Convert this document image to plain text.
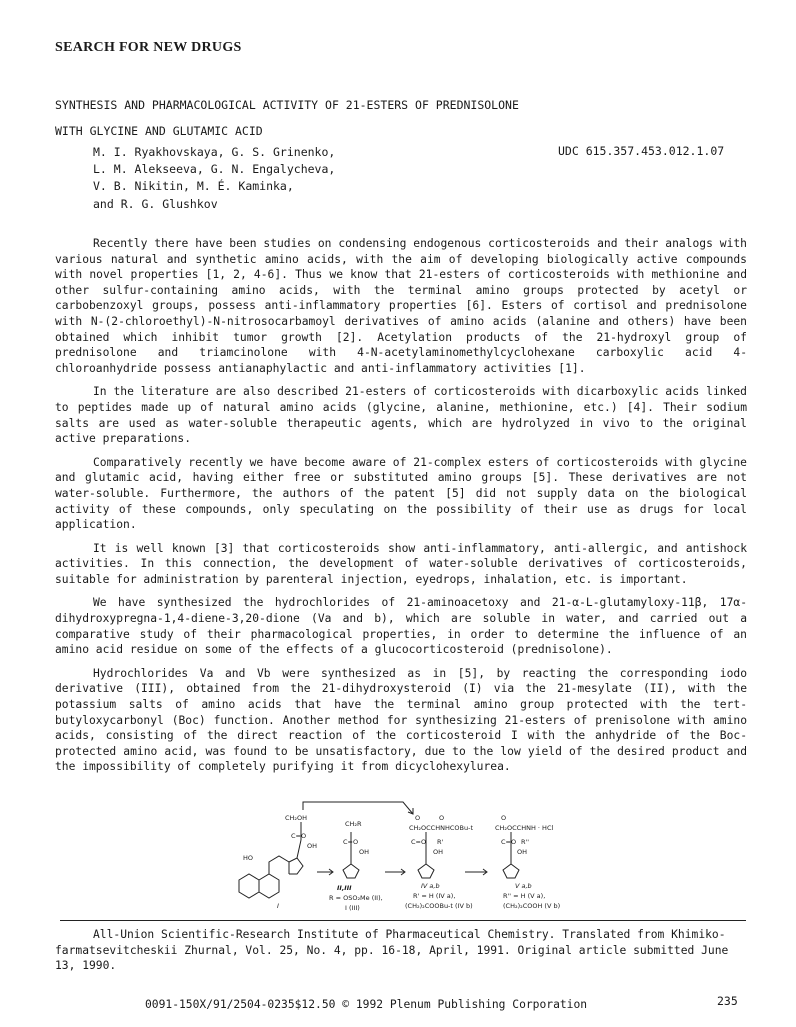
SEARCH FOR NEW DRUGS
SYNTHESIS AND PHARMACOLOGICAL ACTIVITY OF 21-ESTERS OF PREDNISOLONE
WITH GLYCINE AND GLUTAMIC ACID
M. I. Ryakhovskaya, G. S. Grinenko,
L. M. Alekseeva, G. N. Engalycheva,
V. B. Nikitin, M. É. Kaminka,
and R. G. Glushkov
UDC 615.357.453.012.1.07

Recently there have been studies on condensing endogenous corticosteroids and their analogs with various natural and synthetic amino acids, with the aim of developing biologically active compounds with novel properties [1, 2, 4-6]. Thus we know that 21-esters of corticosteroids with methionine and other sulfur-containing amino acids, with the terminal amino groups protected by acetyl or carbobenzoxyl groups, possess anti-inflammatory properties [6]. Esters of cortisol and prednisolone with N-(2-chloroethyl)-N-nitrosocarbamoyl derivatives of amino acids (alanine and others) have been obtained which inhibit tumor growth [2]. Acetylation products of the 21-hydroxyl group of prednisolone and triamcinolone with 4-N-acetylaminomethylcyclohexane carboxylic acid 4-chloroanhydride possess antianaphylactic and anti-inflammatory activities [1].

In the literature are also described 21-esters of corticosteroids with dicarboxylic acids linked to peptides made up of natural amino acids (glycine, alanine, methionine, etc.) [4]. Their sodium salts are used as water-soluble therapeutic agents, which are hydrolyzed in vivo to the original active preparations.

Comparatively recently we have become aware of 21-complex esters of corticosteroids with glycine and glutamic acid, having either free or substituted amino groups [5]. These derivatives are not water-soluble. Furthermore, the authors of the patent [5] did not supply data on the biological activity of these compounds, only speculating on the possibility of their use as drugs for local application.

It is well known [3] that corticosteroids show anti-inflammatory, anti-allergic, and antishock activities. In this connection, the development of water-soluble derivatives of corticosteroids, suitable for administration by parenteral injection, eyedrops, inhalation, etc. is important.

We have synthesized the hydrochlorides of 21-aminoacetoxy and 21-α-L-glutamyloxy-11β, 17α-dihydroxypregna-1,4-diene-3,20-dione (Va and b), which are soluble in water, and carried out a comparative study of their pharmacological properties, in order to determine the influence of an amino acid residue on some of the effects of a glucocorticosteroid (prednisolone).

Hydrochlorides Va and Vb were synthesized as in [5], by reacting the corresponding iodo derivative (III), obtained from the 21-dihydroxysteroid (I) via the 21-mesylate (II), with the potassium salts of amino acids that have the terminal amino group protected with the tert-butyloxycarbonyl (Boc) function. Another method for synthesizing 21-esters of prenisolone with amino acids, consisting of the direct reaction of the corticosteroid I with the anhydride of the Boc-protected amino acid, was found to be unsatisfactory, due to the low yield of the desired product and the impossibility of completely purifying it from dicyclohexylurea.

CH₂OH
C=O
OH
HO
I
CH₂R
C=O
OH
II,III
R = OSO₂Me (II),
I (III)
O	O
CH₂OCCHNHCOBu-t
C=O R'
OH
IV a,b
R' = H (IV a),
(CH₂)₂COOBu-t (IV b)
O
CH₂OCCHNH · HCl
C=O R''
OH
V a,b
R'' = H (V a),
(CH₂)₂COOH (V b)

All-Union Scientific-Research Institute of Pharmaceutical Chemistry. Translated from Khimiko-farmatsevitcheskii Zhurnal, Vol. 25, No. 4, pp. 16-18, April, 1991. Original article submitted June 13, 1990.

0091-150X/91/2504-0235$12.50 © 1992 Plenum Publishing Corporation	235
